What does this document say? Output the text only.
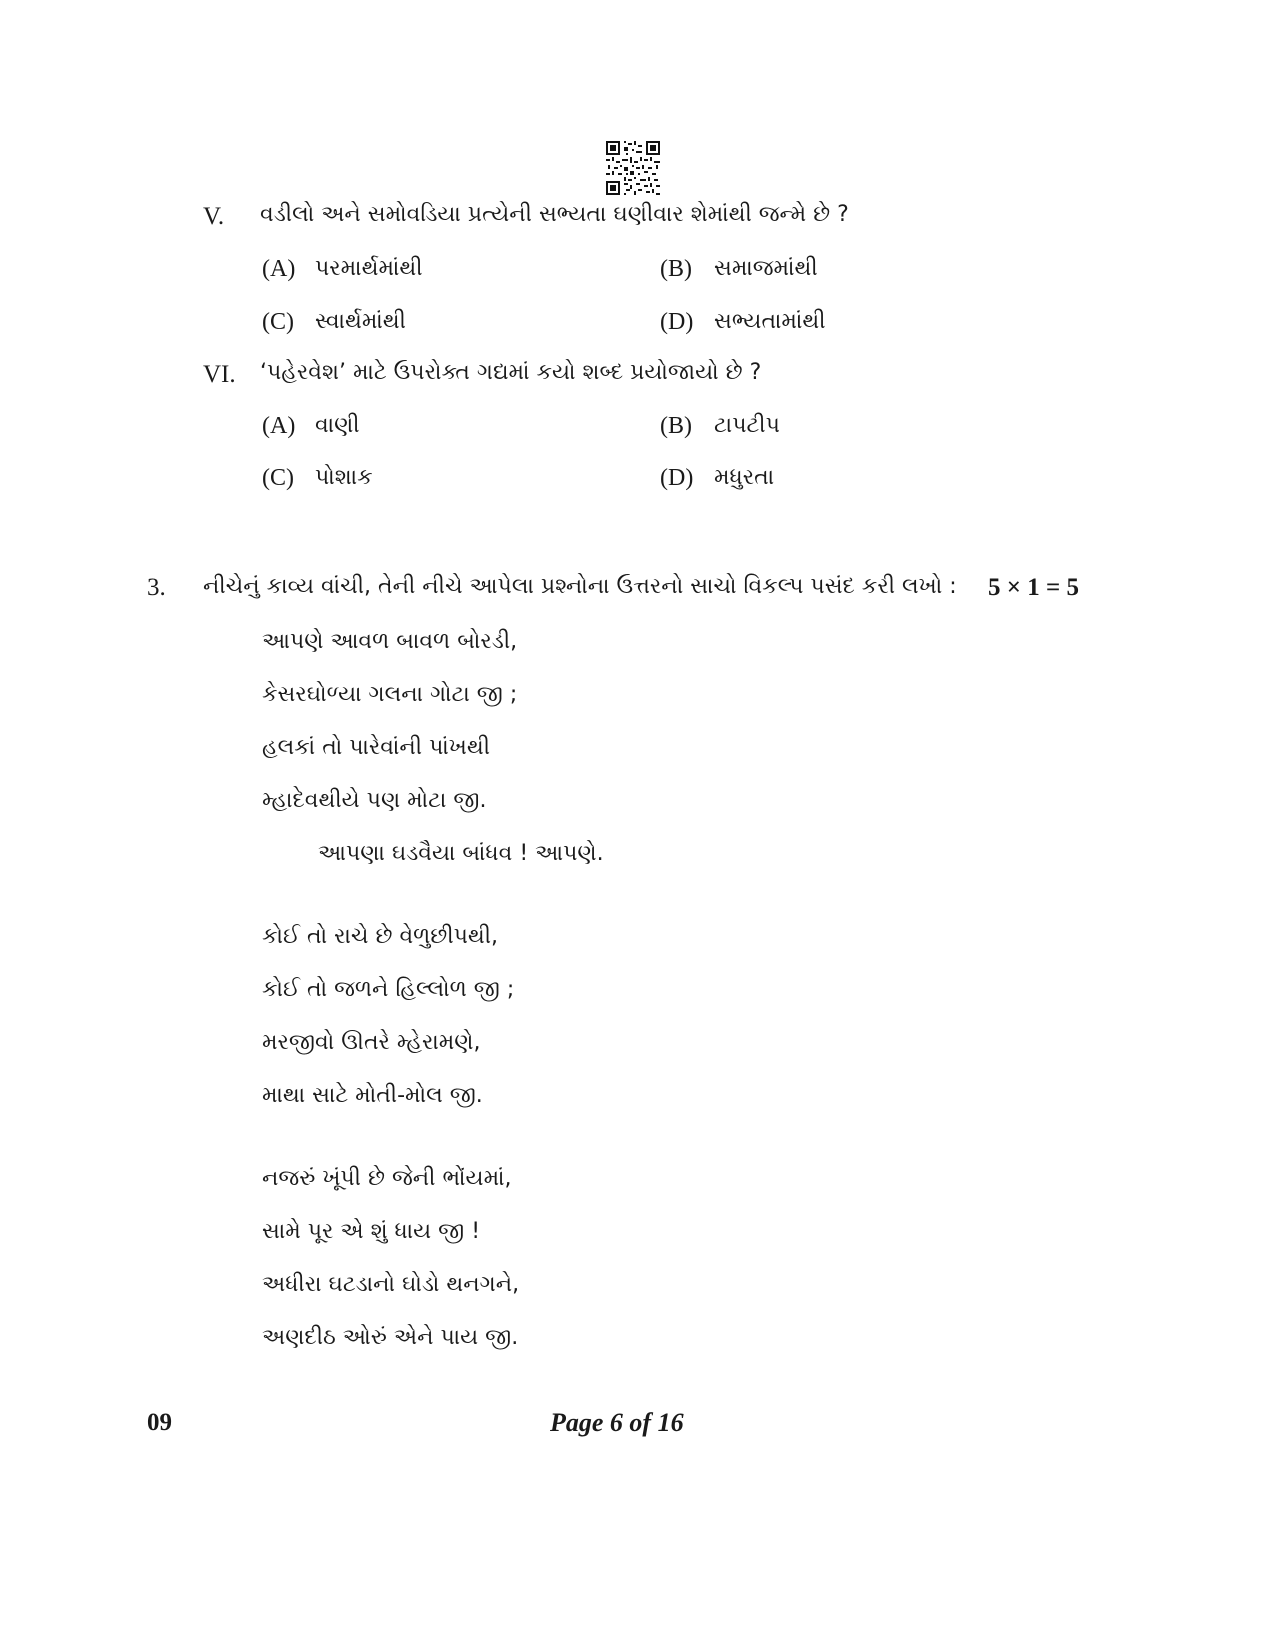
V. વડીલો અને સમોવડિયા પ્રત્યેની સભ્યતા ઘણીવાર શેમાંથી જન્મે છે ?
(A) પરમાર્થમાંથી	(B) સમાજમાંથી
(C) સ્વાર્થમાંથી	(D) સભ્યતામાંથી
VI. ‘પહેરવેશ’ માટે ઉપરોક્ત ગદ્યમાં કયો શબ્દ પ્રયોજાયો છે ?
(A) વાણી	(B) ટાપટીપ
(C) પોશાક	(D) મધુરતા
3. નીચેનું કાવ્ય વાંચી, તેની નીચે આપેલા પ્રશ્નોના ઉત્તરનો સાચો વિકલ્પ પસંદ કરી લખો : 5 × 1 = 5
આપણે આવળ બાવળ બોરડી,
કેસરઘોળ્યા ગલના ગોટા જી ;
હલકાં તો પારેવાંની પાંખથી
મ્હાદેવથીયે પણ મોટા જી.
આપણા ઘડવૈયા બાંધવ ! આપણે.
કોઈ તો રાચે છે વેળુછીપથી,
કોઈ તો જળને હિલ્લોળ જી ;
મરજીવો ઊતરે મ્હેરામણે,
માથા સાટે મોતી-મોલ જી.
નજરું ખૂંપી છે જેની ભોંયમાં,
સામે પૂર એ શું ધાય જી !
અધીરા ઘટડાનો ઘોડો થનગને,
અણદીઠ ઓરું એને પાય જી.
09	Page 6 of 16
